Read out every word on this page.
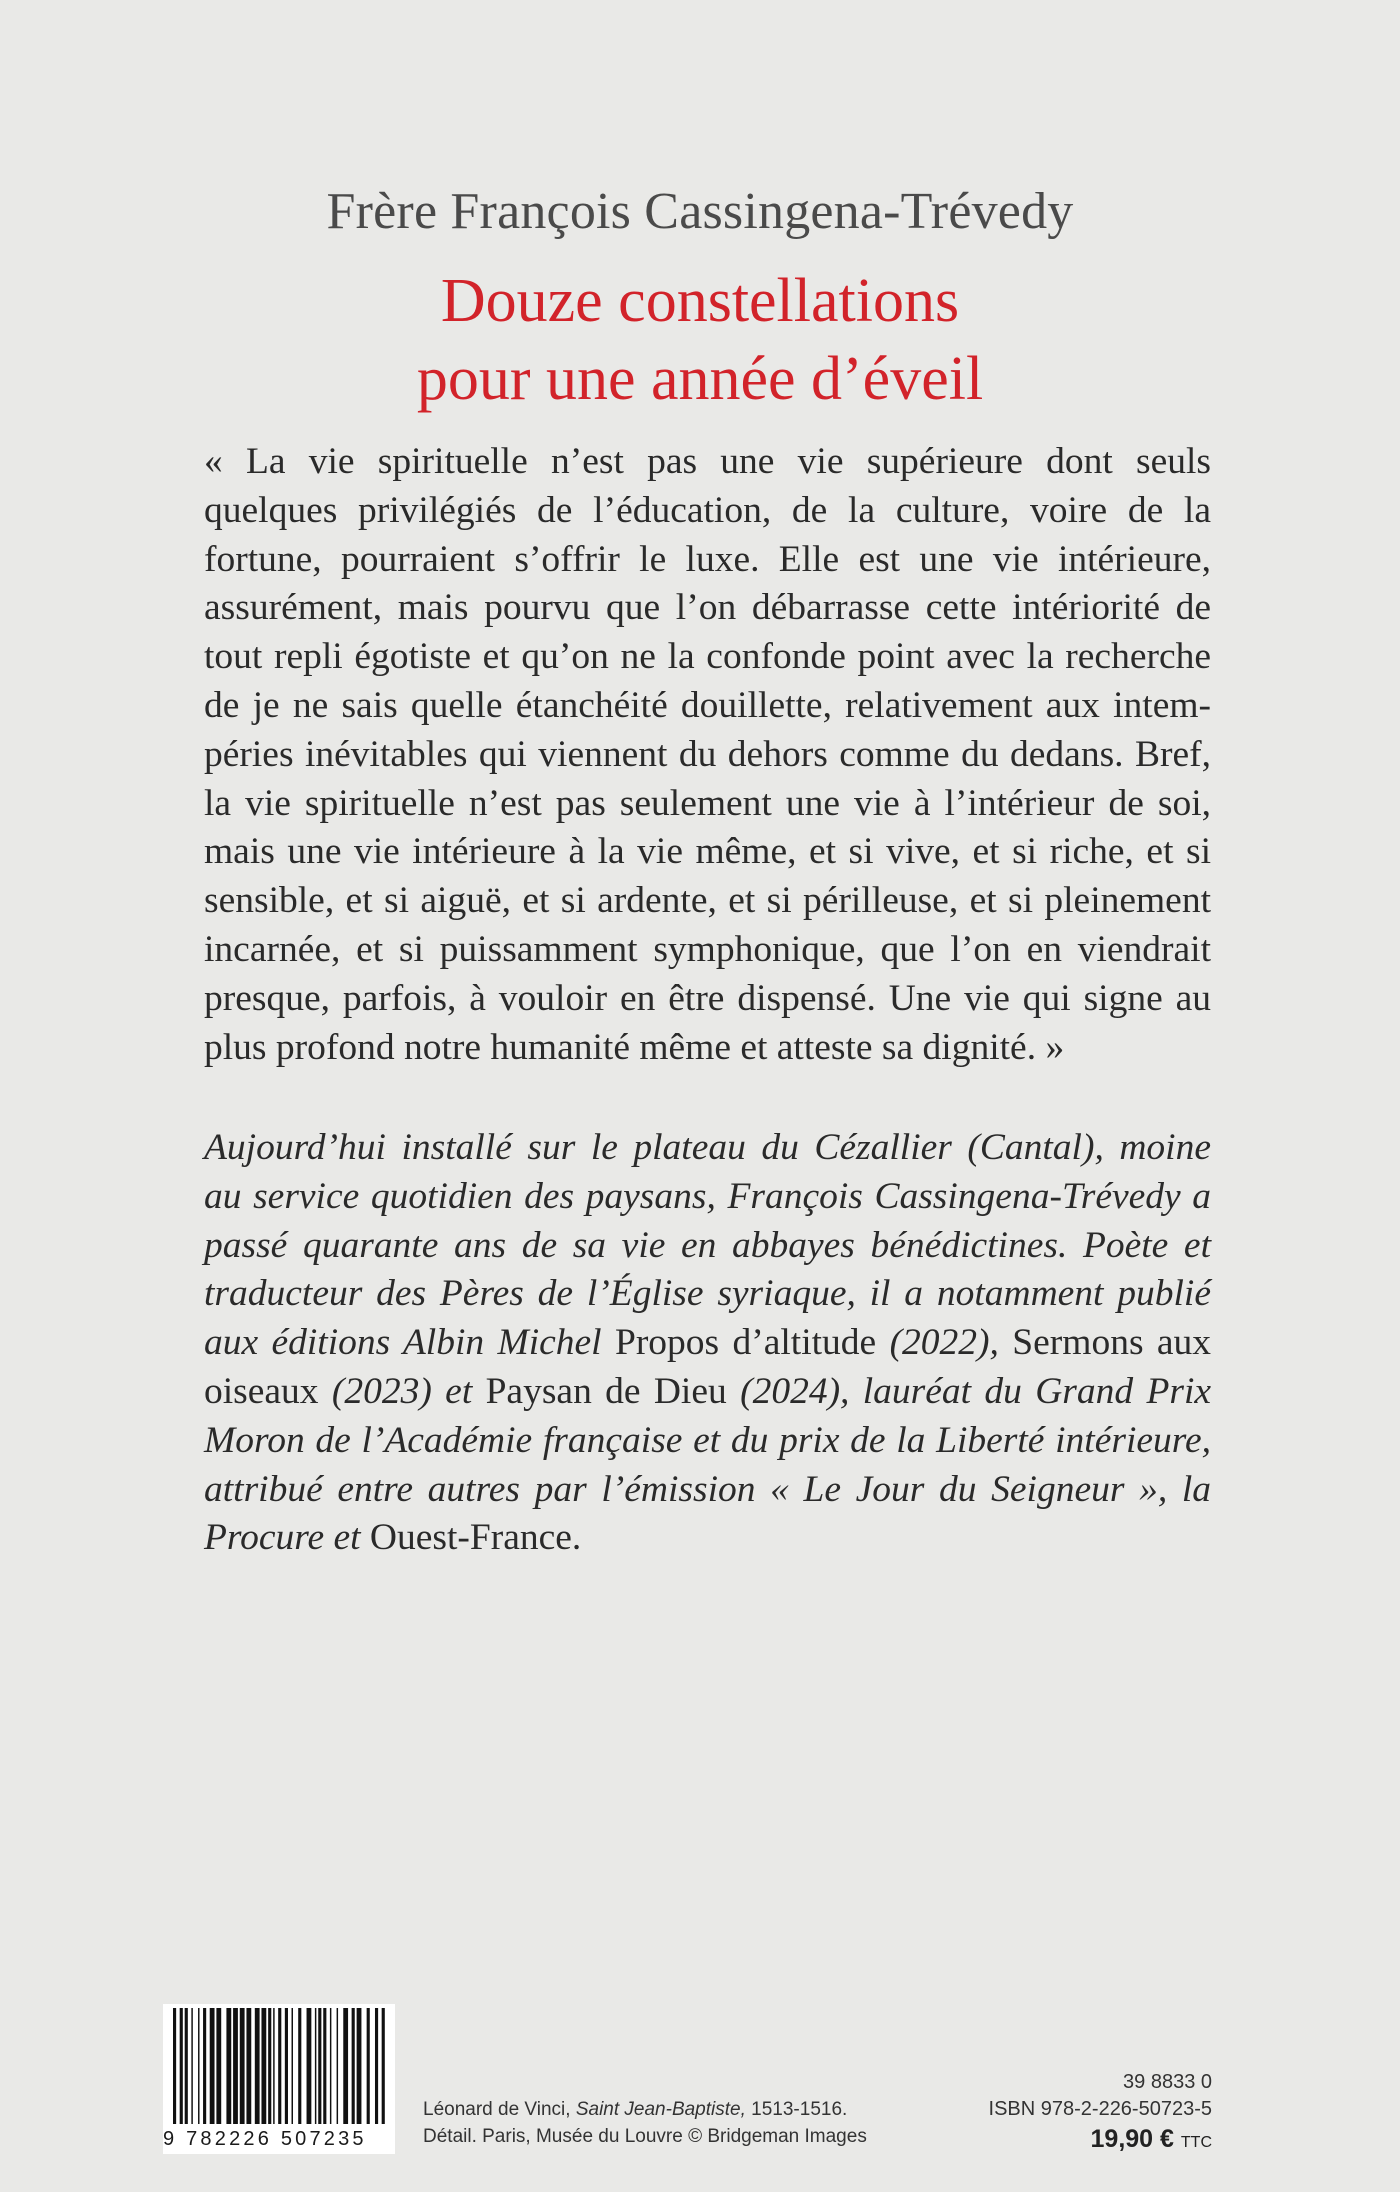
Frère François Cassingena-Trévedy
Douze constellations
pour une année d’éveil
« La vie spirituelle n’est pas une vie supérieure dont seuls
quelques privilégiés de l’éducation, de la culture, voire de la
fortune, pourraient s’offrir le luxe. Elle est une vie intérieure,
assurément, mais pourvu que l’on débarrasse cette intériorité de
tout repli égotiste et qu’on ne la confonde point avec la recherche
de je ne sais quelle étanchéité douillette, relativement aux intem-
péries inévitables qui viennent du dehors comme du dedans. Bref,
la vie spirituelle n’est pas seulement une vie à l’intérieur de soi,
mais une vie intérieure à la vie même, et si vive, et si riche, et si
sensible, et si aiguë, et si ardente, et si périlleuse, et si pleinement
incarnée, et si puissamment symphonique, que l’on en viendrait
presque, parfois, à vouloir en être dispensé. Une vie qui signe au
plus profond notre humanité même et atteste sa dignité. »
Aujourd’hui installé sur le plateau du Cézallier (Cantal), moine
au service quotidien des paysans, François Cassingena-Trévedy a
passé quarante ans de sa vie en abbayes bénédictines. Poète et
traducteur des Pères de l’Église syriaque, il a notamment publié
aux éditions Albin Michel Propos d’altitude (2022), Sermons aux
oiseaux (2023) et Paysan de Dieu (2024), lauréat du Grand Prix
Moron de l’Académie française et du prix de la Liberté intérieure,
attribué entre autres par l’émission « Le Jour du Seigneur », la
Procure et Ouest-France.
9 782226 507235
Léonard de Vinci, Saint Jean-Baptiste, 1513-1516.
Détail. Paris, Musée du Louvre © Bridgeman Images
39 8833 0
ISBN 978-2-226-50723-5
19,90 € TTC
